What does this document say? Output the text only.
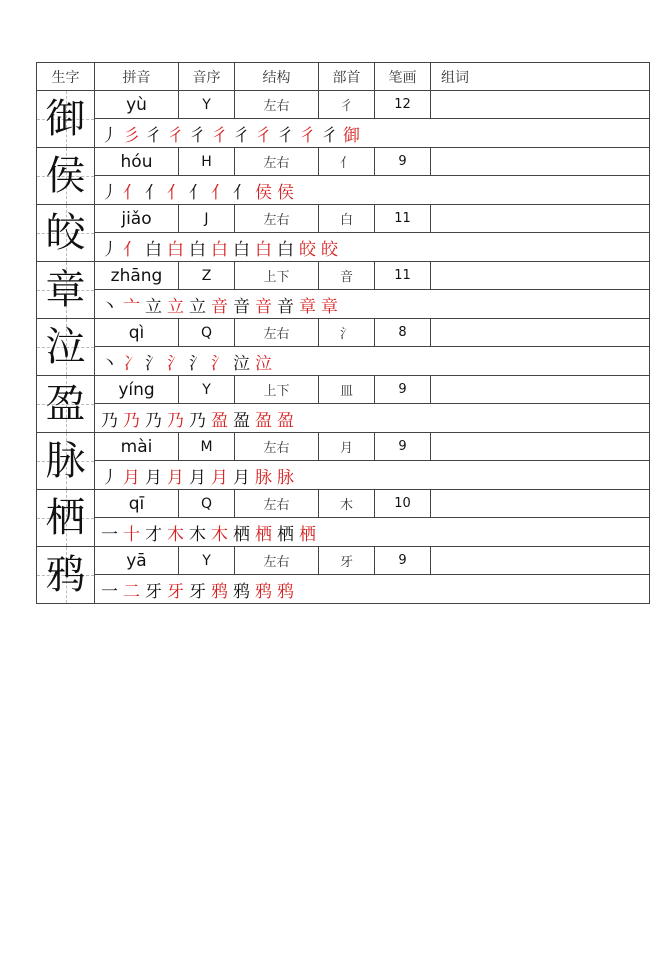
生字	拼音	音序	结构	部首	笔画	组词

御	yù	Y	左右	彳	12	
	丿 彡 彳 彳 彳 彳 彳 彳 彳 彳 彳 御					

侯	hóu	H	左右	亻	9	
	丿 亻 亻 亻 亻 亻 亻 侯 侯					

皎	jiǎo	J	左右	白	11	
	丿 亻 白 白 白 白 白 白 白 皎 皎					

章	zhāng	Z	上下	音	11	
	丶 亠 立 立 立 音 音 音 音 章 章					

泣	qì	Q	左右	氵	8	
	丶 冫 氵 氵 氵 氵 泣 泣					

盈	yíng	Y	上下	皿	9	
	乃 乃 乃 乃 乃 盈 盈 盈 盈					

脉	mài	M	左右	月	9	
	丿 月 月 月 月 月 月 脉 脉					

栖	qī	Q	左右	木	10	
	一 十 才 木 木 木 栖 栖 栖 栖					

鸦	yā	Y	左右	牙	9	
	一 二 牙 牙 牙 鸦 鸦 鸦 鸦					
